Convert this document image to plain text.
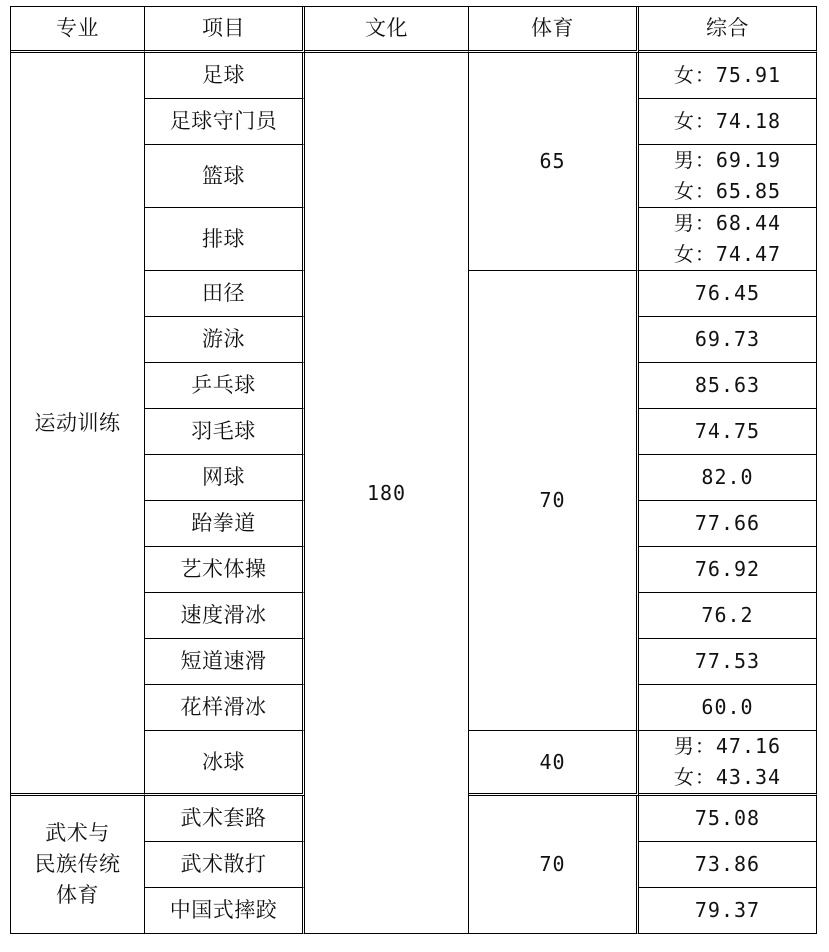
专业	项目	文化	体育	综合
运动训练	足球	180	65	女：75.91

	足球守门员			女：74.18

	篮球			男：69.19
女：65.85

	排球			男：68.44
女：74.47

	田径		70	76.45

	游泳			69.73

	乒乓球			85.63

	羽毛球			74.75

	网球			82.0

	跆拳道			77.66

	艺术体操			76.92

	速度滑冰			76.2

	短道速滑			77.53

	花样滑冰			60.0

	冰球		40	男：47.16
女：43.34

武术与
民族传统
体育	武术套路		70	75.08

	武术散打			73.86

	中国式摔跤			79.37
